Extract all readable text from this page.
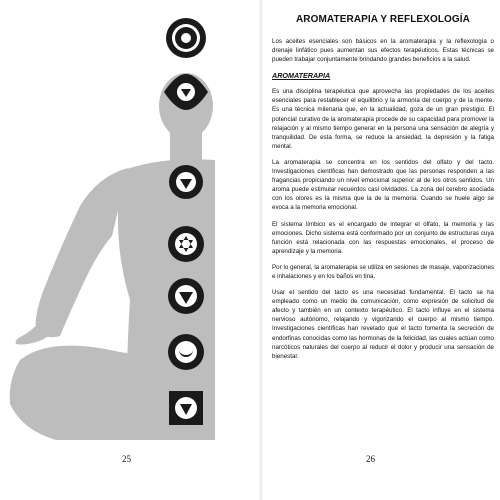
25
AROMATERAPIA Y REFLEXOLOGÍA

Los aceites esenciales son básicos en la aromaterapia y la reflexología o drenaje linfático pues aumentan sus efectos terapéuticos. Estas técnicas se pueden trabajar conjuntamente brindando grandes beneficios a la salud.

AROMATERAPIA

Es una disciplina terapéutica que aprovecha las propiedades de los aceites esenciales para restablecer el equilibrio y la armonía del cuerpo y de la mente. Es una técnica milenaria que, en la actualidad, goza de un gran prestigio. El potencial curativo de la aromaterapia procede de su capacidad para promover la relajación y al mismo tiempo generar en la persona una sensación de alegría y tranquilidad. De esta forma, se reduce la ansiedad, la depresión y la fatiga mental.

La aromaterapia se concentra en los sentidos del olfato y del tacto. Investigaciones científicas han demostrado que las personas responden a las fragancias propiciando un nivel emocional superior al de los otros sentidos. Un aroma puede estimular recuerdos casi olvidados. La zona del cerebro asociada con los olores es la misma que la de la memoria. Cuando se huele algo se evoca a la memoria emocional.

El sistema límbico es el encargado de integrar el olfato, la memoria y las emociones. Dicho sistema está conformado por un conjunto de estructuras cuya función está relacionada con las respuestas emocionales, el proceso de aprendizaje y la memoria.

Por lo general, la aromaterapia se utiliza en sesiones de masaje, vaporizaciones e inhalaciones y en los baños en tina.

Usar el sentido del tacto es una necesidad fundamental. El tacto se ha empleado como un medio de comunicación, como expresión de solicitud de afecto y también en un contexto terapéutico. El tacto influye en el sistema nervioso autónomo, relajando y vigorizando el cuerpo al mismo tiempo. Investigaciones científicas han revelado que el tacto fomenta la secreción de endorfinas conocidas como las hormonas de la felicidad, las cuales actúan como narcóticos naturales del cuerpo al reducir el dolor y producir una sensación de bienestar.

26
